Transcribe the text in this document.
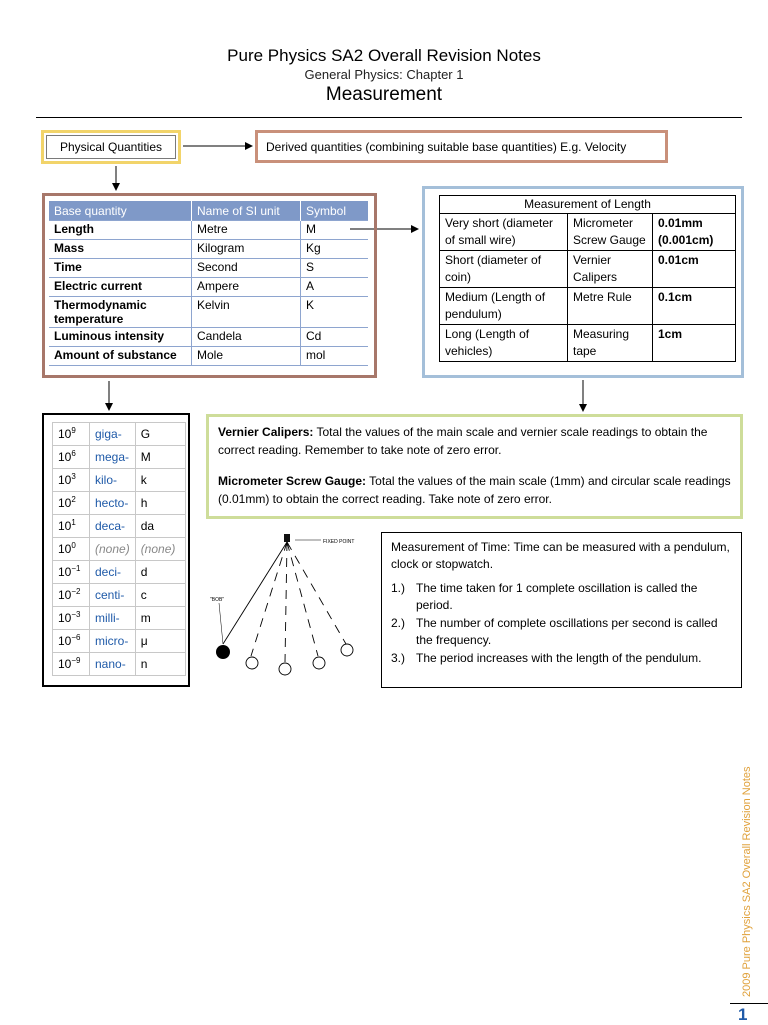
Pure Physics SA2 Overall Revision Notes
General Physics: Chapter 1
Measurement
Physical Quantities	Derived quantities (combining suitable base quantities) E.g. Velocity
Base quantity	Name of SI unit	Symbol
Length	Metre	M
Mass	Kilogram	Kg
Time	Second	S
Electric current	Ampere	A
Thermodynamic temperature	Kelvin	K
Luminous intensity	Candela	Cd
Amount of substance	Mole	mol
Measurement of Length		
Very short (diameter of small wire)	Micrometer Screw Gauge	0.01mm (0.001cm)
Short (diameter of coin)	Vernier Calipers	0.01cm
Medium (Length of pendulum)	Metre Rule	0.1cm
Long (Length of vehicles)	Measuring tape	1cm
$10^9$	giga-	G
$10^6$	mega-	M
$10^3$	kilo-	k
$10^2$	hecto-	h
$10^1$	deca-	da
$10^0$	(none)	(none)
$10^{-1}$	deci-	d
$10^{-2}$	centi-	c
$10^{-3}$	milli-	m
$10^{-6}$	micro-	μ
$10^{-9}$	nano-	n

Vernier Calipers: Total the values of the main scale and vernier scale readings to obtain the correct reading. Remember to take note of zero error.

Micrometer Screw Gauge: Total the values of the main scale (1mm) and circular scale readings (0.01mm) to obtain the correct reading. Take note of zero error.

FIXED POINT
"BOB"

Measurement of Time: Time can be measured with a pendulum, clock or stopwatch.

1.) The time taken for 1 complete oscillation is called the period.
2.) The number of complete oscillations per second is called the frequency.
3.) The period increases with the length of the pendulum.
2009 Pure Physics SA2 Overall Revision Notes
1
